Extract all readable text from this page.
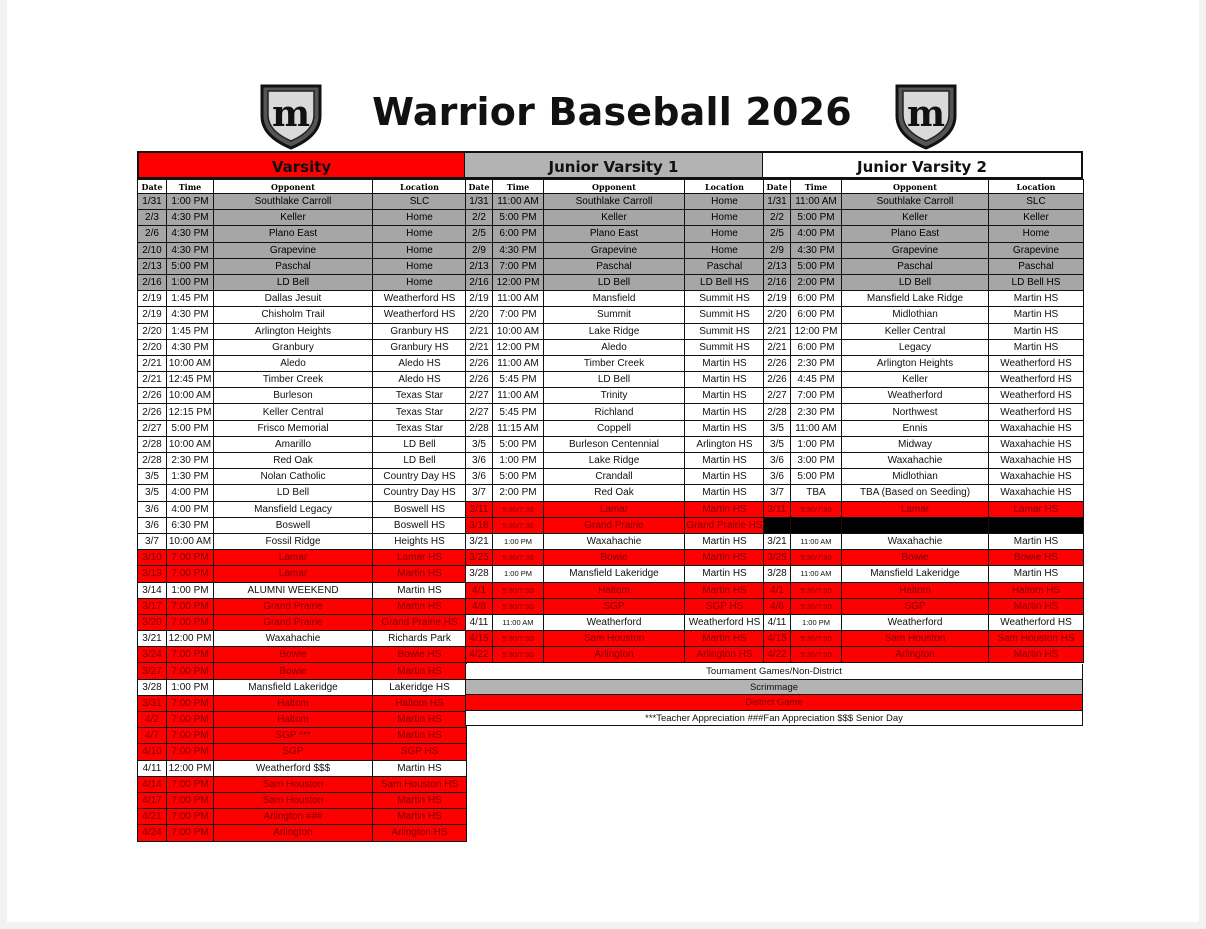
m	Warrior Baseball 2026	m
Varsity
Date	Time	Opponent	Location
1/31	1:00 PM	Southlake Carroll	SLC
2/3	4:30 PM	Keller	Home
2/6	4:30 PM	Plano East	Home
2/10	4:30 PM	Grapevine	Home
2/13	5:00 PM	Paschal	Home
2/16	1:00 PM	LD Bell	Home
2/19	1:45 PM	Dallas Jesuit	Weatherford HS
2/19	4:30 PM	Chisholm Trail	Weatherford HS
2/20	1:45 PM	Arlington Heights	Granbury HS
2/20	4:30 PM	Granbury	Granbury HS
2/21	10:00 AM	Aledo	Aledo HS
2/21	12:45 PM	Timber Creek	Aledo HS
2/26	10:00 AM	Burleson	Texas Star
2/26	12:15 PM	Keller Central	Texas Star
2/27	5:00 PM	Frisco Memorial	Texas Star
2/28	10:00 AM	Amarillo	LD Bell
2/28	2:30 PM	Red Oak	LD Bell
3/5	1:30 PM	Nolan Catholic	Country Day HS
3/5	4:00 PM	LD Bell	Country Day HS
3/6	4:00 PM	Mansfield Legacy	Boswell HS
3/6	6:30 PM	Boswell	Boswell HS
3/7	10:00 AM	Fossil Ridge	Heights HS
3/10	7:00 PM	Lamar	Lamar HS
3/13	7:00 PM	Lamar	Martin HS
3/14	1:00 PM	ALUMNI WEEKEND	Martin HS
3/17	7:00 PM	Grand Prairie	Martin HS
3/20	7:00 PM	Grand Prairie	Grand Prairie HS
3/21	12:00 PM	Waxahachie	Richards Park
3/24	7:00 PM	Bowie	Bowie HS
3/27	7:00 PM	Bowie	Martin HS
3/28	1:00 PM	Mansfield Lakeridge	Lakeridge HS
3/31	7:00 PM	Haltom	Haltom HS
4/2	7:00 PM	Haltom	Martin HS
4/7	7:00 PM	SGP ***	Martin HS
4/10	7:00 PM	SGP	SGP HS
4/11	12:00 PM	Weatherford $$$	Martin HS
4/14	7:00 PM	Sam Houston	Sam Houston HS
4/17	7:00 PM	Sam Houston	Martin HS
4/21	7:00 PM	Arlington ###	Martin HS
4/24	7:00 PM	Arlington	Arlington HS
Junior Varsity 1
Date	Time	Opponent	Location
1/31	11:00 AM	Southlake Carroll	Home
2/2	5:00 PM	Keller	Home
2/5	6:00 PM	Plano East	Home
2/9	4:30 PM	Grapevine	Home
2/13	7:00 PM	Paschal	Paschal
2/16	12:00 PM	LD Bell	LD Bell HS
2/19	11:00 AM	Mansfield	Summit HS
2/20	7:00 PM	Summit	Summit HS
2/21	10:00 AM	Lake Ridge	Summit HS
2/21	12:00 PM	Aledo	Summit HS
2/26	11:00 AM	Timber Creek	Martin HS
2/26	5:45 PM	LD Bell	Martin HS
2/27	11:00 AM	Trinity	Martin HS
2/27	5:45 PM	Richland	Martin HS
2/28	11:15 AM	Coppell	Martin HS
3/5	5:00 PM	Burleson Centennial	Arlington HS
3/6	1:00 PM	Lake Ridge	Martin HS
3/6	5:00 PM	Crandall	Martin HS
3/7	2:00 PM	Red Oak	Martin HS
3/11	5:30/7:30	Lamar	Martin HS
3/18	5:30/7:30	Grand Prairie	Grand Prairie HS
3/21	1:00 PM	Waxahachie	Martin HS
3/25	5:30/7:30	Bowie	Martin HS
3/28	1:00 PM	Mansfield Lakeridge	Martin HS
4/1	5:30/7:30	Haltom	Martin HS
4/8	5:30/7:30	SGP	SGP HS
4/11	11:00 AM	Weatherford	Weatherford HS
4/15	5:30/7:30	Sam Houston	Martin HS
4/22	5:30/7:30	Arlington	Arlington HS
Junior Varsity 2
Date	Time	Opponent	Location
1/31	11:00 AM	Southlake Carroll	SLC
2/2	5:00 PM	Keller	Keller
2/5	4:00 PM	Plano East	Home
2/9	4:30 PM	Grapevine	Grapevine
2/13	5:00 PM	Paschal	Paschal
2/16	2:00 PM	LD Bell	LD Bell HS
2/19	6:00 PM	Mansfield Lake Ridge	Martin HS
2/20	6:00 PM	Midlothian	Martin HS
2/21	12:00 PM	Keller Central	Martin HS
2/21	6:00 PM	Legacy	Martin HS
2/26	2:30 PM	Arlington Heights	Weatherford HS
2/26	4:45 PM	Keller	Weatherford HS
2/27	7:00 PM	Weatherford	Weatherford HS
2/28	2:30 PM	Northwest	Weatherford HS
3/5	11:00 AM	Ennis	Waxahachie HS
3/5	1:00 PM	Midway	Waxahachie HS
3/6	3:00 PM	Waxahachie	Waxahachie HS
3/6	5:00 PM	Midlothian	Waxahachie HS
3/7	TBA	TBA (Based on Seeding)	Waxahachie HS
3/11	5:30/7:30	Lamar	Lamar HS

3/21	11:00 AM	Waxahachie	Martin HS
3/25	5:30/7:30	Bowie	Bowie HS
3/28	11:00 AM	Mansfield Lakeridge	Martin HS
4/1	5:30/7:30	Haltom	Haltom HS
4/8	5:30/7:30	SGP	Martin HS
4/11	1:00 PM	Weatherford	Weatherford HS
4/15	5:30/7:30	Sam Houston	Sam Houston HS
4/22	5:30/7:30	Arlington	Martin HS
Tournament Games/Non-District
Scrimmage
District Game
***Teacher Appreciation ###Fan Appreciation $$$ Senior Day
